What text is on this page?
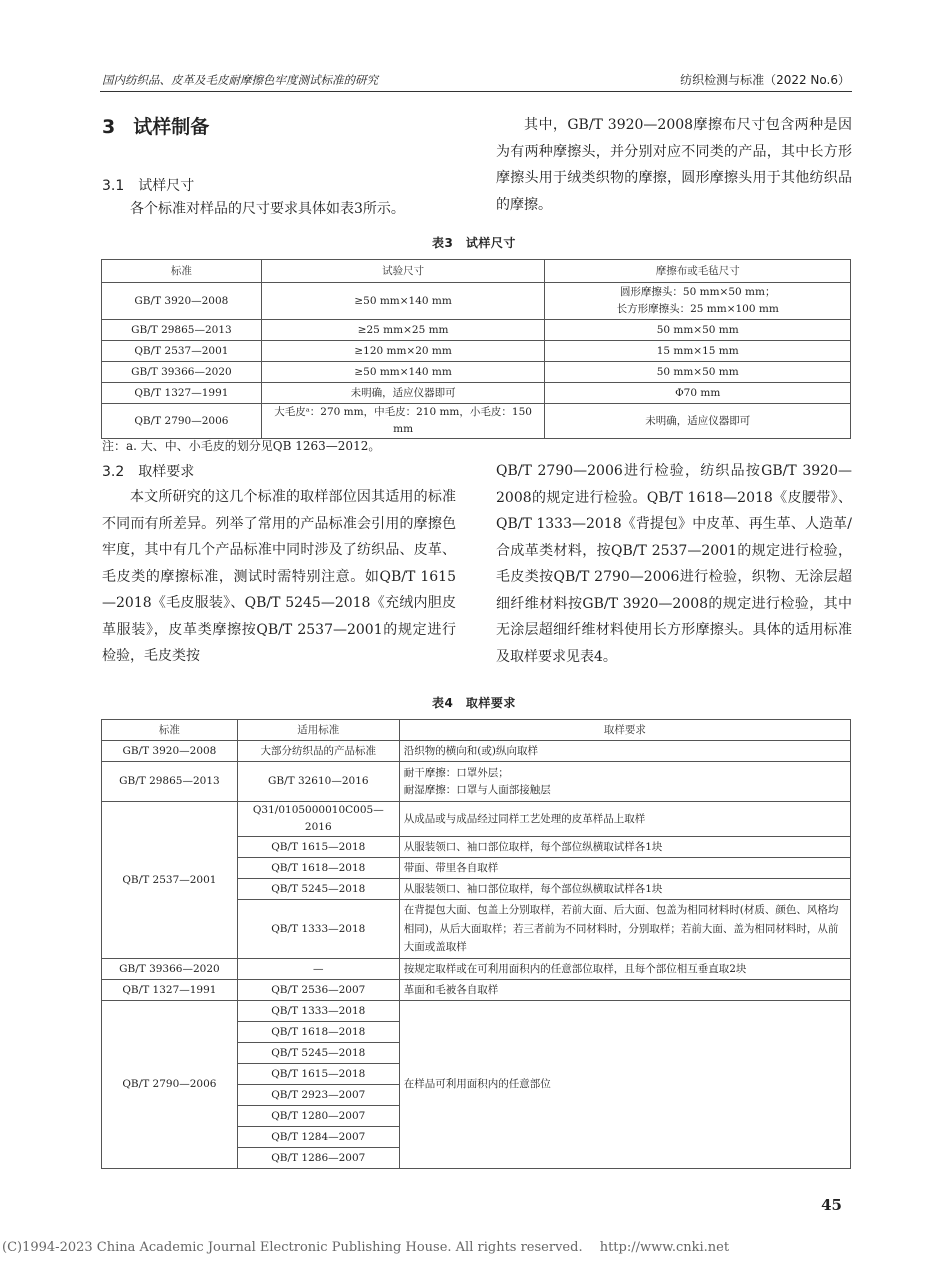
国内纺织品、皮革及毛皮耐摩擦色牢度测试标准的研究	纺织检测与标准（2022 No.6）
3 试样制备
3.1 试样尺寸
各个标准对样品的尺寸要求具体如表3所示。
其中，GB/T 3920—2008摩擦布尺寸包含两种是因为有两种摩擦头，并分别对应不同类的产品，其中长方形摩擦头用于绒类织物的摩擦，圆形摩擦头用于其他纺织品的摩擦。
表3　试样尺寸
标准	试验尺寸	摩擦布或毛毡尺寸
GB/T 3920—2008	≥50 mm×140 mm	圆形摩擦头：50 mm×50 mm；
长方形摩擦头：25 mm×100 mm

GB/T 29865—2013	≥25 mm×25 mm	50 mm×50 mm
QB/T 2537—2001	≥120 mm×20 mm	15 mm×15 mm
GB/T 39366—2020	≥50 mm×140 mm	50 mm×50 mm
QB/T 1327—1991	未明确，适应仪器即可	Φ70 mm
QB/T 2790—2006	大毛皮ᵃ：270 mm，中毛皮：210 mm，小毛皮：150 mm	未明确，适应仪器即可
注：a. 大、中、小毛皮的划分见QB 1263—2012。
3.2 取样要求
本文所研究的这几个标准的取样部位因其适用的标准不同而有所差异。列举了常用的产品标准会引用的摩擦色牢度，其中有几个产品标准中同时涉及了纺织品、皮革、毛皮类的摩擦标准，测试时需特别注意。如QB/T 1615—2018《毛皮服装》、QB/T 5245—2018《充绒内胆皮革服装》，皮革类摩擦按QB/T 2537—2001的规定进行检验，毛皮类按
QB/T 2790—2006进行检验，纺织品按GB/T 3920—2008的规定进行检验。QB/T 1618—2018《皮腰带》、QB/T 1333—2018《背提包》中皮革、再生革、人造革/合成革类材料，按QB/T 2537—2001的规定进行检验，毛皮类按QB/T 2790—2006进行检验，织物、无涂层超细纤维材料按GB/T 3920—2008的规定进行检验，其中无涂层超细纤维材料使用长方形摩擦头。具体的适用标准及取样要求见表4。
表4　取样要求
标准	适用标准	取样要求
GB/T 3920—2008	大部分纺织品的产品标准	沿织物的横向和(或)纵向取样
GB/T 29865—2013	GB/T 32610—2016	耐干摩擦：口罩外层；
耐湿摩擦：口罩与人面部接触层

QB/T 2537—2001	Q31/0105000010C005—2016	从成品或与成品经过同样工艺处理的皮革样品上取样
	QB/T 1615—2018	从服装领口、袖口部位取样，每个部位纵横取试样各1块
	QB/T 1618—2018	带面、带里各自取样
	QB/T 5245—2018	从服装领口、袖口部位取样，每个部位纵横取试样各1块
	QB/T 1333—2018	在背提包大面、包盖上分别取样，若前大面、后大面、包盖为相同材料时(材质、颜色、风格均相同)，从后大面取样；若三者前为不同材料时，分别取样；若前大面、盖为相同材料时，从前大面或盖取样
GB/T 39366—2020	—	按规定取样或在可利用面积内的任意部位取样，且每个部位相互垂直取2块
QB/T 1327—1991	QB/T 2536—2007	革面和毛被各自取样
QB/T 2790—2006	QB/T 1333—2018	在样品可利用面积内的任意部位
	QB/T 1618—2018	
	QB/T 5245—2018	
	QB/T 1615—2018	
	QB/T 2923—2007	
	QB/T 1280—2007	
	QB/T 1284—2007	
	QB/T 1286—2007	
45
(C)1994-2023 China Academic Journal Electronic Publishing House. All rights reserved.　 http://www.cnki.net
